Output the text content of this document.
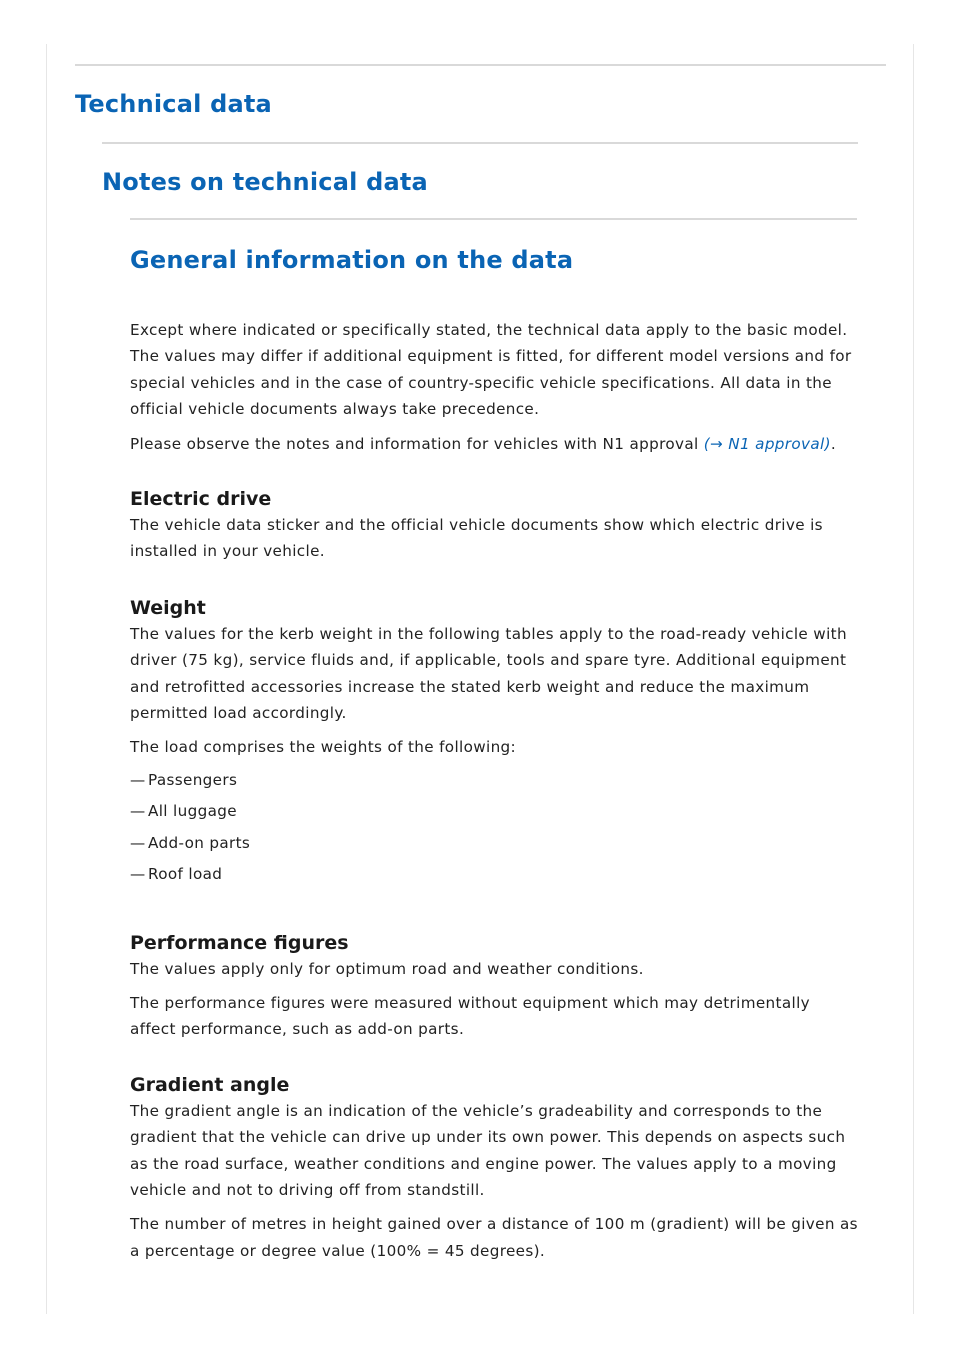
Technical data
Notes on technical data
General information on the data

Except where indicated or specifically stated, the technical data apply to the basic model. The values may differ if additional equipment is fitted, for different model versions and for special vehicles and in the case of country-specific vehicle specifications. All data in the official vehicle documents always take precedence.

Please observe the notes and information for vehicles with N1 approval (→ N1 approval).

Electric drive

The vehicle data sticker and the official vehicle documents show which electric drive is installed in your vehicle.

Weight

The values for the kerb weight in the following tables apply to the road-ready vehicle with driver (75 kg), service fluids and, if applicable, tools and spare tyre. Additional equipment and retrofitted accessories increase the stated kerb weight and reduce the maximum permitted load accordingly.

The load comprises the weights of the following:

— Passengers
— All luggage
— Add-on parts
— Roof load
Performance figures

The values apply only for optimum road and weather conditions.

The performance figures were measured without equipment which may detrimentally affect performance, such as add-on parts.

Gradient angle

The gradient angle is an indication of the vehicle’s gradeability and corresponds to the gradient that the vehicle can drive up under its own power. This depends on aspects such as the road surface, weather conditions and engine power. The values apply to a moving vehicle and not to driving off from standstill.

The number of metres in height gained over a distance of 100 m (gradient) will be given as a percentage or degree value (100% = 45 degrees).
